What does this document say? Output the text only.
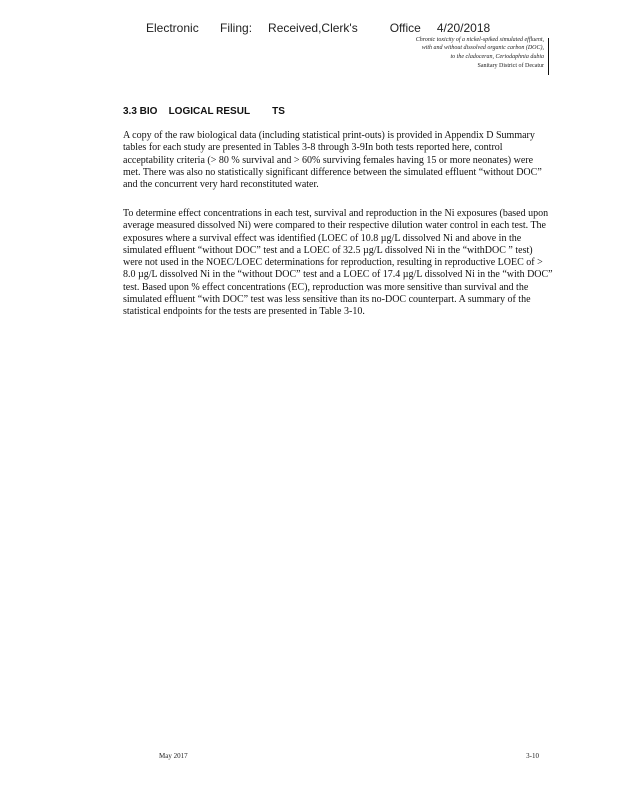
Electronic    Filing:   Received,Clerk's      Office   4/20/2018
Chronic toxicity of a nickel-spiked simulated effluent,
with and without dissolved organic carbon (DOC),
to the cladoceran, Ceriodaphnia dubia
Sanitary District of Decatur
3.3 BIO    LOGICAL RESUL        TS

A copy of the raw biological data (including statistical print-outs) is provided in Appendix D Summary tables for each study are presented in Tables 3-8 through 3-9In both tests reported here, control acceptability criteria (> 80 % survival and > 60% surviving females having 15 or more neonates) were met. There was also no statistically significant difference between the simulated effluent “without DOC” and the concurrent very hard reconstituted water.

To determine effect concentrations in each test, survival and reproduction in the Ni exposures (based upon average measured dissolved Ni) were compared to their respective dilution water control in each test. The exposures where a survival effect was identified (LOEC of 10.8 µg/L dissolved Ni and above in the simulated effluent “without DOC” test and a LOEC of 32.5 µg/L dissolved Ni in the “withDOC ” test) were not used in the NOEC/LOEC determinations for reproduction, resulting in reproductive LOEC of > 8.0 µg/L dissolved Ni in the “without DOC” test and a LOEC of 17.4 µg/L dissolved Ni in the “with DOC” test. Based upon % effect concentrations (EC), reproduction was more sensitive than survival and the simulated effluent “with DOC” test was less sensitive than its no-DOC counterpart. A summary of the statistical endpoints for the tests are presented in Table 3-10.

May 2017	3-10
